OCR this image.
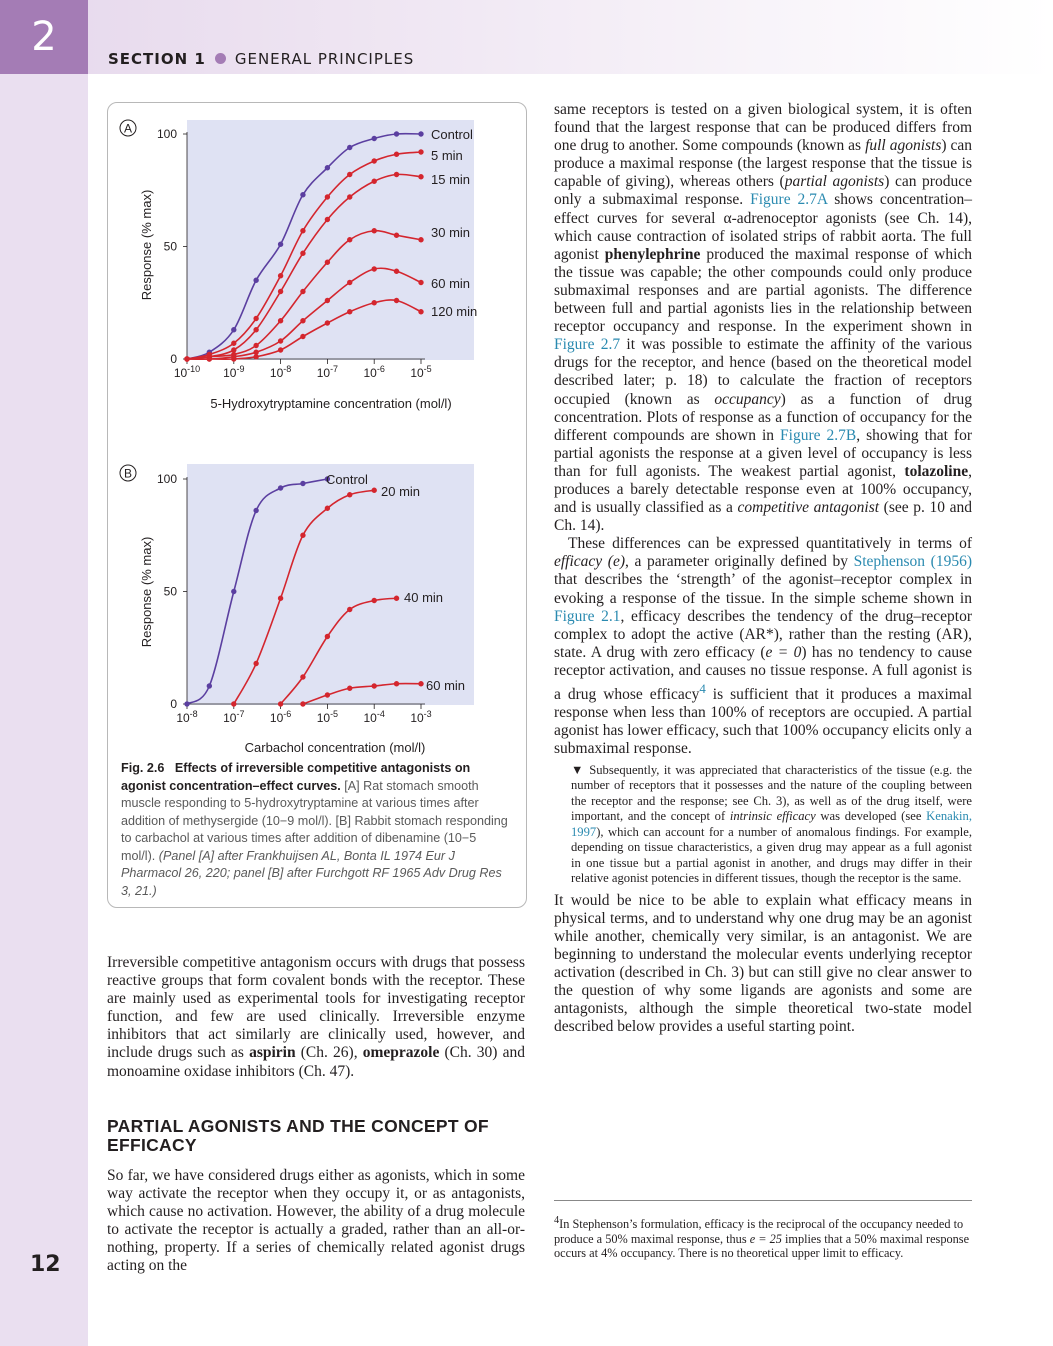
2	SECTION 1 GENERAL PRINCIPLES
12
A
Response (% max)
5-Hydroxytryptamine concentration (mol/l)
0
50
100
$10^{-10}$ $10^{-9}$ $10^{-8}$ $10^{-7}$ $10^{-6}$ $10^{-5}$
Control
5 min
15 min
30 min
60 min
120 min
B
Response (% max)
Carbachol concentration (mol/l)
0
50
100
$10^{-8}$ $10^{-7}$ $10^{-6}$ $10^{-5}$ $10^{-4}$ $10^{-3}$
Control
20 min
40 min
60 min
Fig. 2.6 Effects of irreversible competitive antagonists on agonist concentration–effect curves. [A] Rat stomach smooth muscle responding to 5-hydroxytryptamine at various times after addition of methysergide (10−9 mol/l). [B] Rabbit stomach responding to carbachol at various times after addition of dibenamine (10−5 mol/l). (Panel [A] after Frankhuijsen AL, Bonta IL 1974 Eur J Pharmacol 26, 220; panel [B] after Furchgott RF 1965 Adv Drug Res 3, 21.)

Irreversible competitive antagonism occurs with drugs that possess reactive groups that form covalent bonds with the receptor. These are mainly used as experimental tools for investigating receptor function, and few are used clinically. Irreversible enzyme inhibitors that act similarly are clinically used, however, and include drugs such as aspirin (Ch. 26), omeprazole (Ch. 30) and monoamine oxidase inhibitors (Ch. 47).

PARTIAL AGONISTS AND THE CONCEPT OF EFFICACY

So far, we have considered drugs either as agonists, which in some way activate the receptor when they occupy it, or as antagonists, which cause no activation. However, the ability of a drug molecule to activate the receptor is actually a graded, rather than an all-or-nothing, property. If a series of chemically related agonist drugs acting on the

same receptors is tested on a given biological system, it is often found that the largest response that can be produced differs from one drug to another. Some compounds (known as full agonists) can produce a maximal response (the largest response that the tissue is capable of giving), whereas others (partial agonists) can produce only a submaximal response. Figure 2.7A shows concentration–effect curves for several α-adrenoceptor agonists (see Ch. 14), which cause contraction of isolated strips of rabbit aorta. The full agonist phenylephrine produced the maximal response of which the tissue was capable; the other compounds could only produce submaximal responses and are partial agonists. The difference between full and partial agonists lies in the relationship between receptor occupancy and response. In the experiment shown in Figure 2.7 it was possible to estimate the affinity of the various drugs for the receptor, and hence (based on the theoretical model described later; p. 18) to calculate the fraction of receptors occupied (known as occupancy) as a function of drug concentration. Plots of response as a function of occupancy for the different compounds are shown in Figure 2.7B, showing that for partial agonists the response at a given level of occupancy is less than for full agonists. The weakest partial agonist, tolazoline, produces a barely detectable response even at 100% occupancy, and is usually classified as a competitive antagonist (see p. 10 and Ch. 14).

These differences can be expressed quantitatively in terms of efficacy (e), a parameter originally defined by Stephenson (1956) that describes the ‘strength’ of the agonist–receptor complex in evoking a response of the tissue. In the simple scheme shown in Figure 2.1, efficacy describes the tendency of the drug–receptor complex to adopt the active (AR*), rather than the resting (AR), state. A drug with zero efficacy (e = 0) has no tendency to cause receptor activation, and causes no tissue response. A full agonist is a drug whose efficacy$^4$ is sufficient that it produces a maximal response when less than 100% of receptors are occupied. A partial agonist has lower efficacy, such that 100% occupancy elicits only a submaximal response.

▼ Subsequently, it was appreciated that characteristics of the tissue (e.g. the number of receptors that it possesses and the nature of the coupling between the receptor and the response; see Ch. 3), as well as of the drug itself, were important, and the concept of intrinsic efficacy was developed (see Kenakin, 1997), which can account for a number of anomalous findings. For example, depending on tissue characteristics, a given drug may appear as a full agonist in one tissue but a partial agonist in another, and drugs may differ in their relative agonist potencies in different tissues, though the receptor is the same.

It would be nice to be able to explain what efficacy means in physical terms, and to understand why one drug may be an agonist while another, chemically very similar, is an antagonist. We are beginning to understand the molecular events underlying receptor activation (described in Ch. 3) but can still give no clear answer to the question of why some ligands are agonists and some are antagonists, although the simple theoretical two-state model described below provides a useful starting point.

$^4$In Stephenson’s formulation, efficacy is the reciprocal of the occupancy needed to produce a 50% maximal response, thus e = 25 implies that a 50% maximal response occurs at 4% occupancy. There is no theoretical upper limit to efficacy.
